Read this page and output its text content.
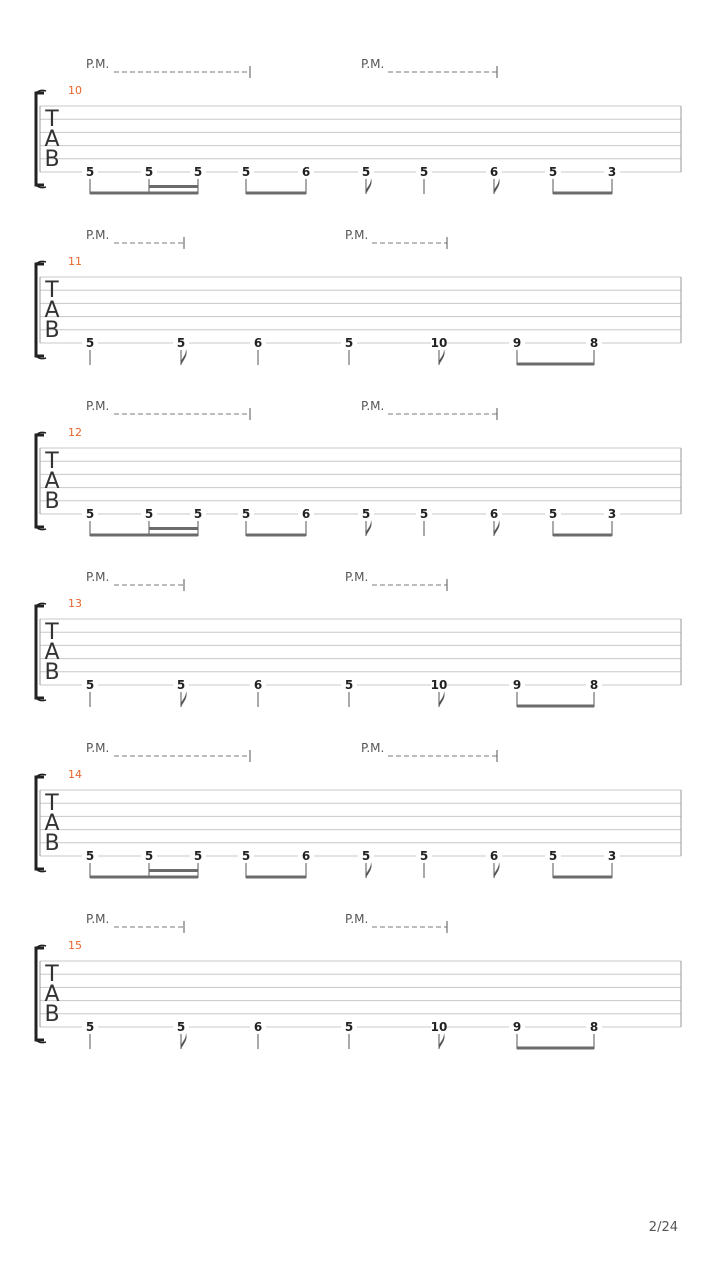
P.M.	P.M.
10
T
A
B 5	5	5	5	6	5	5	6	5	3
P.M.	P.M.
11
T
A
B 5	5	6	5	10	9	8
P.M.	P.M.
12
T
A
B 5	5	5	5	6	5	5	6	5	3
P.M.	P.M.
13
T
A
B 5	5	6	5	10	9	8
P.M.	P.M.
14
T
A
B 5	5	5	5	6	5	5	6	5	3
P.M.	P.M.
15
T
A
B 5	5	6	5	10	9	8
2/24
